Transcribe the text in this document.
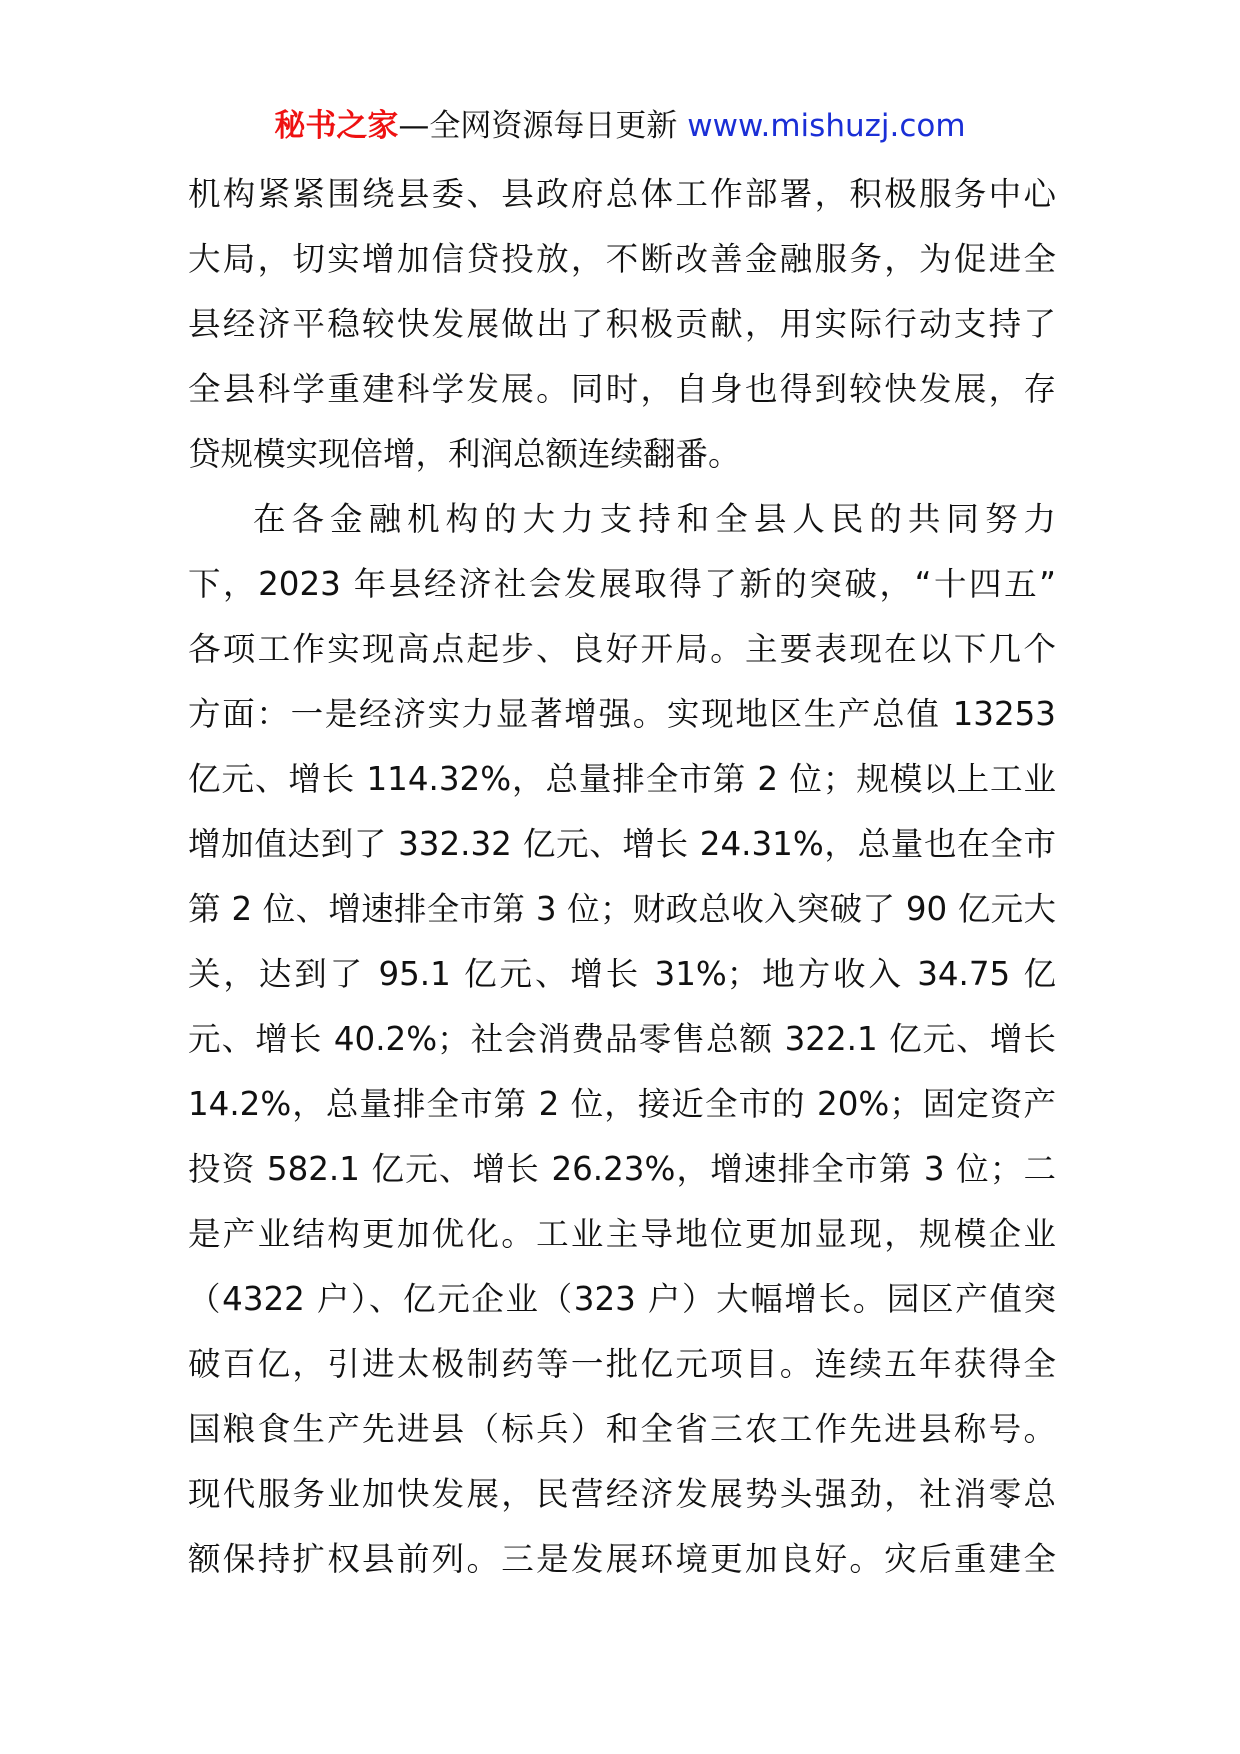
秘书之家—全网资源每日更新 www.mishuzj.com
机构紧紧围绕县委、县政府总体工作部署，积极服务中心
大局，切实增加信贷投放，不断改善金融服务，为促进全
县经济平稳较快发展做出了积极贡献，用实际行动支持了
全县科学重建科学发展。同时，自身也得到较快发展，存
贷规模实现倍增，利润总额连续翻番。
在各金融机构的大力支持和全县人民的共同努力
下，2023 年县经济社会发展取得了新的突破，“十四五”
各项工作实现高点起步、良好开局。主要表现在以下几个
方面：一是经济实力显著增强。实现地区生产总值 13253
亿元、增长 114.32%，总量排全市第 2 位；规模以上工业
增加值达到了 332.32 亿元、增长 24.31%，总量也在全市
第 2 位、增速排全市第 3 位；财政总收入突破了 90 亿元大
关，达到了 95.1 亿元、增长 31%；地方收入 34.75 亿
元、增长 40.2%；社会消费品零售总额 322.1 亿元、增长
14.2%，总量排全市第 2 位，接近全市的 20%；固定资产
投资 582.1 亿元、增长 26.23%，增速排全市第 3 位；二
是产业结构更加优化。工业主导地位更加显现，规模企业
（4322 户）、亿元企业（323 户）大幅增长。园区产值突
破百亿，引进太极制药等一批亿元项目。连续五年获得全
国粮食生产先进县（标兵）和全省三农工作先进县称号。
现代服务业加快发展，民营经济发展势头强劲，社消零总
额保持扩权县前列。三是发展环境更加良好。灾后重建全
